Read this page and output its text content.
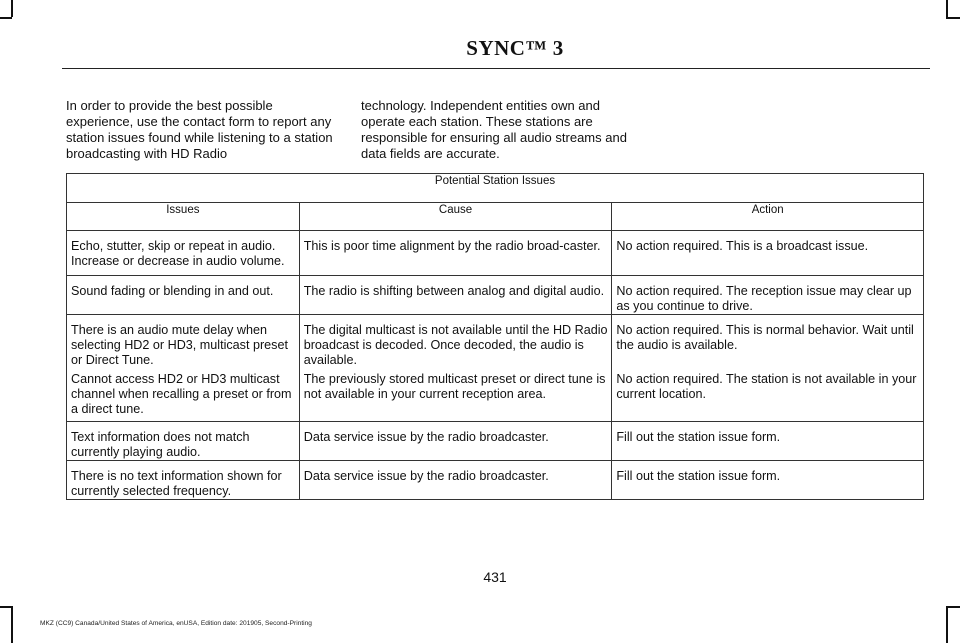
SYNC™ 3
In order to provide the best possible experience, use the contact form to report any station issues found while listening to a station broadcasting with HD Radio
technology. Independent entities own and operate each station. These stations are responsible for ensuring all audio streams and data fields are accurate.
Potential Station Issues		
Issues	Cause	Action

Echo, stutter, skip or repeat in audio. Increase or decrease in audio volume.	This is poor time alignment by the radio broad-caster.	No action required. This is a broadcast issue.

Sound fading or blending in and out.	The radio is shifting between analog and digital audio.	No action required. The reception issue may clear up as you continue to drive.

There is an audio mute delay when selecting HD2 or HD3, multicast preset or Direct Tune.	The digital multicast is not available until the HD Radio broadcast is decoded. Once decoded, the audio is available.	No action required. This is normal behavior. Wait until the audio is available.

Cannot access HD2 or HD3 multicast channel when recalling a preset or from a direct tune.	The previously stored multicast preset or direct tune is not available in your current reception area.	No action required. The station is not available in your current location.

Text information does not match currently playing audio.	Data service issue by the radio broadcaster.	Fill out the station issue form.

There is no text information shown for currently selected frequency.	Data service issue by the radio broadcaster.	Fill out the station issue form.
431
MKZ (CC9) Canada/United States of America, enUSA, Edition date: 201905, Second-Printing
